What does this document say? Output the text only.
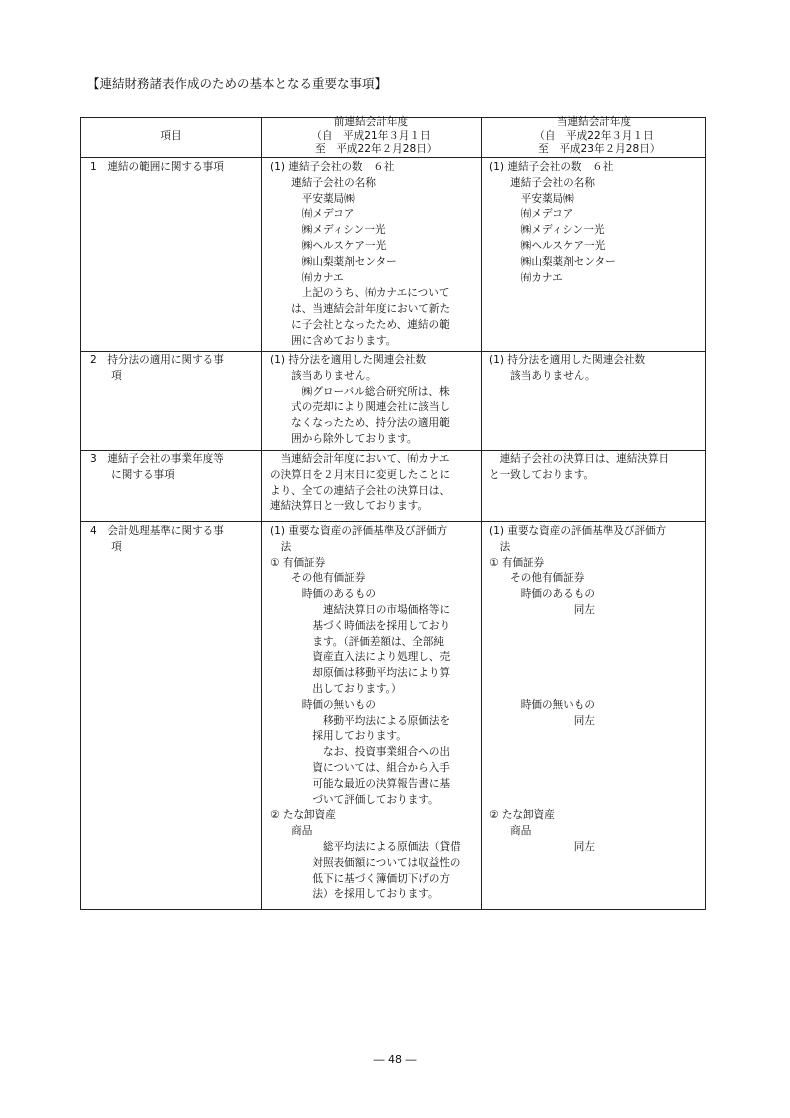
【連結財務諸表作成のための基本となる重要な事項】
項目
前連結会計年度
（自　平成21年３月１日
　至　平成22年２月28日）
当連結会計年度
（自　平成22年３月１日
　至　平成23年２月28日）
1　連結の範囲に関する事項	(1) 連結子会社の数　６社
　　連結子会社の名称
　　　平安薬局㈱
　　　㈲メデコア
　　　㈱メディシン一光
　　　㈱ヘルスケア一光
　　　㈱山梨薬剤センター
　　　㈲カナエ
　　　上記のうち、㈲カナエについて
　　は、当連結会計年度において新た
　　に子会社となったため、連結の範
　　囲に含めております。
(1) 連結子会社の数　６社
　　連結子会社の名称
　　　平安薬局㈱
　　　㈲メデコア
　　　㈱メディシン一光
　　　㈱ヘルスケア一光
　　　㈱山梨薬剤センター
　　　㈲カナエ
2　持分法の適用に関する事
　　項
(1) 持分法を適用した関連会社数
　　該当ありません。
　　　㈱グローバル総合研究所は、株
　　式の売却により関連会社に該当し
　　なくなったため、持分法の適用範
　　囲から除外しております。
(1) 持分法を適用した関連会社数
　　該当ありません。
3　連結子会社の事業年度等
　　に関する事項
　当連結会計年度において、㈲カナエ
の決算日を２月末日に変更したことに
より、全ての連結子会社の決算日は、
連結決算日と一致しております。
　連結子会社の決算日は、連結決算日
と一致しております。
4　会計処理基準に関する事
　　項
(1) 重要な資産の評価基準及び評価方
　法
① 有価証券
　　その他有価証券
　　　時価のあるもの
　　　　　連結決算日の市場価格等に
　　　　基づく時価法を採用しており
　　　　ます。（評価差額は、全部純
　　　　資産直入法により処理し、売
　　　　却原価は移動平均法により算
　　　　出しております。）
　　　時価の無いもの
　　　　　移動平均法による原価法を
　　　　採用しております。
　　　　　なお、投資事業組合への出
　　　　資については、組合から入手
　　　　可能な最近の決算報告書に基
　　　　づいて評価しております。
② たな卸資産
　　商品
　　　　　総平均法による原価法（貸借
　　　　対照表価額については収益性の
　　　　低下に基づく簿価切下げの方
　　　　法）を採用しております。
(1) 重要な資産の評価基準及び評価方
　法
① 有価証券
　　その他有価証券
　　　時価のあるもの
　　　　　　　　同左

　　　時価の無いもの
　　　　　　　　同左

② たな卸資産
　　商品
　　　　　　　　同左
― 48 ―
